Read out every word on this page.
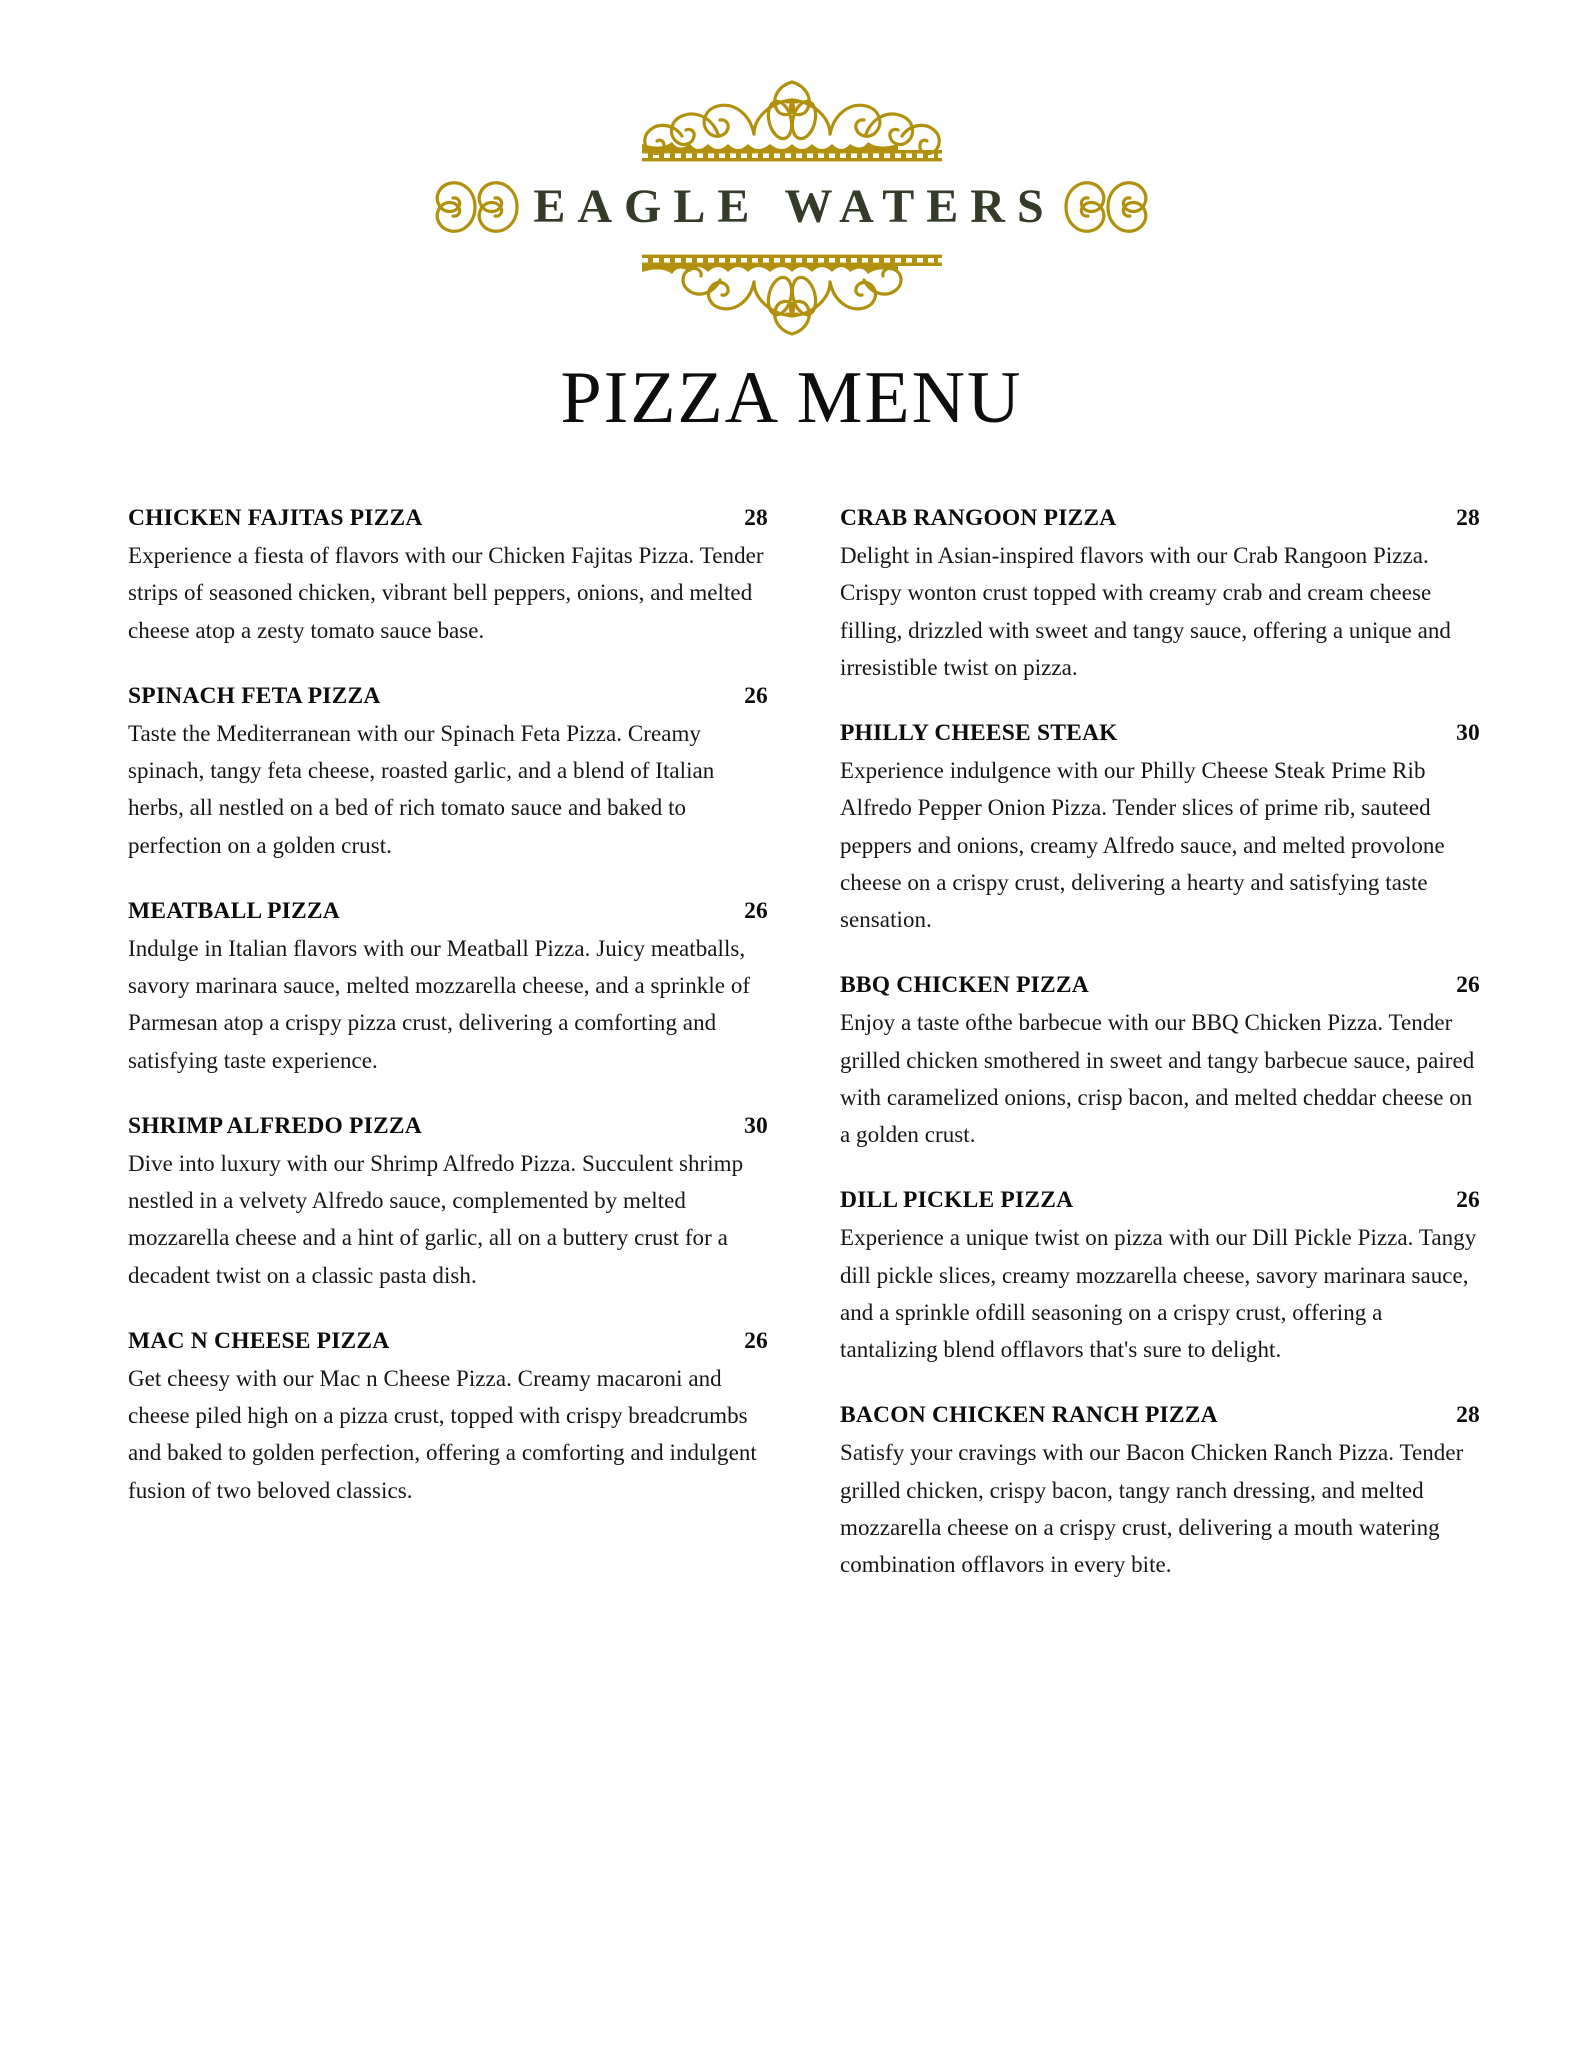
EAGLE WATERS
PIZZA MENU
CHICKEN FAJITAS PIZZA	28
Experience a fiesta of flavors with our Chicken Fajitas Pizza. Tender strips of seasoned chicken, vibrant bell peppers, onions, and melted cheese atop a zesty tomato sauce base.
SPINACH FETA PIZZA	26
Taste the Mediterranean with our Spinach Feta Pizza. Creamy spinach, tangy feta cheese, roasted garlic, and a blend of Italian herbs, all nestled on a bed of rich tomato sauce and baked to perfection on a golden crust.
MEATBALL PIZZA	26
Indulge in Italian flavors with our Meatball Pizza. Juicy meatballs, savory marinara sauce, melted mozzarella cheese, and a sprinkle of Parmesan atop a crispy pizza crust, delivering a comforting and satisfying taste experience.
SHRIMP ALFREDO PIZZA	30
Dive into luxury with our Shrimp Alfredo Pizza. Succulent shrimp nestled in a velvety Alfredo sauce, complemented by melted mozzarella cheese and a hint of garlic, all on a buttery crust for a decadent twist on a classic pasta dish.
MAC N CHEESE PIZZA	26
Get cheesy with our Mac n Cheese Pizza. Creamy macaroni and cheese piled high on a pizza crust, topped with crispy breadcrumbs and baked to golden perfection, offering a comforting and indulgent fusion of two beloved classics.
CRAB RANGOON PIZZA	28
Delight in Asian-inspired flavors with our Crab Rangoon Pizza. Crispy wonton crust topped with creamy crab and cream cheese filling, drizzled with sweet and tangy sauce, offering a unique and irresistible twist on pizza.
PHILLY CHEESE STEAK	30
Experience indulgence with our Philly Cheese Steak Prime Rib Alfredo Pepper Onion Pizza. Tender slices of prime rib, sauteed peppers and onions, creamy Alfredo sauce, and melted provolone cheese on a crispy crust, delivering a hearty and satisfying taste sensation.
BBQ CHICKEN PIZZA	26
Enjoy a taste ofthe barbecue with our BBQ Chicken Pizza. Tender grilled chicken smothered in sweet and tangy barbecue sauce, paired with caramelized onions, crisp bacon, and melted cheddar cheese on a golden crust.
DILL PICKLE PIZZA	26
Experience a unique twist on pizza with our Dill Pickle Pizza. Tangy dill pickle slices, creamy mozzarella cheese, savory marinara sauce, and a sprinkle ofdill seasoning on a crispy crust, offering a tantalizing blend offlavors that's sure to delight.
BACON CHICKEN RANCH PIZZA	28
Satisfy your cravings with our Bacon Chicken Ranch Pizza. Tender grilled chicken, crispy bacon, tangy ranch dressing, and melted mozzarella cheese on a crispy crust, delivering a mouth watering combination offlavors in every bite.
